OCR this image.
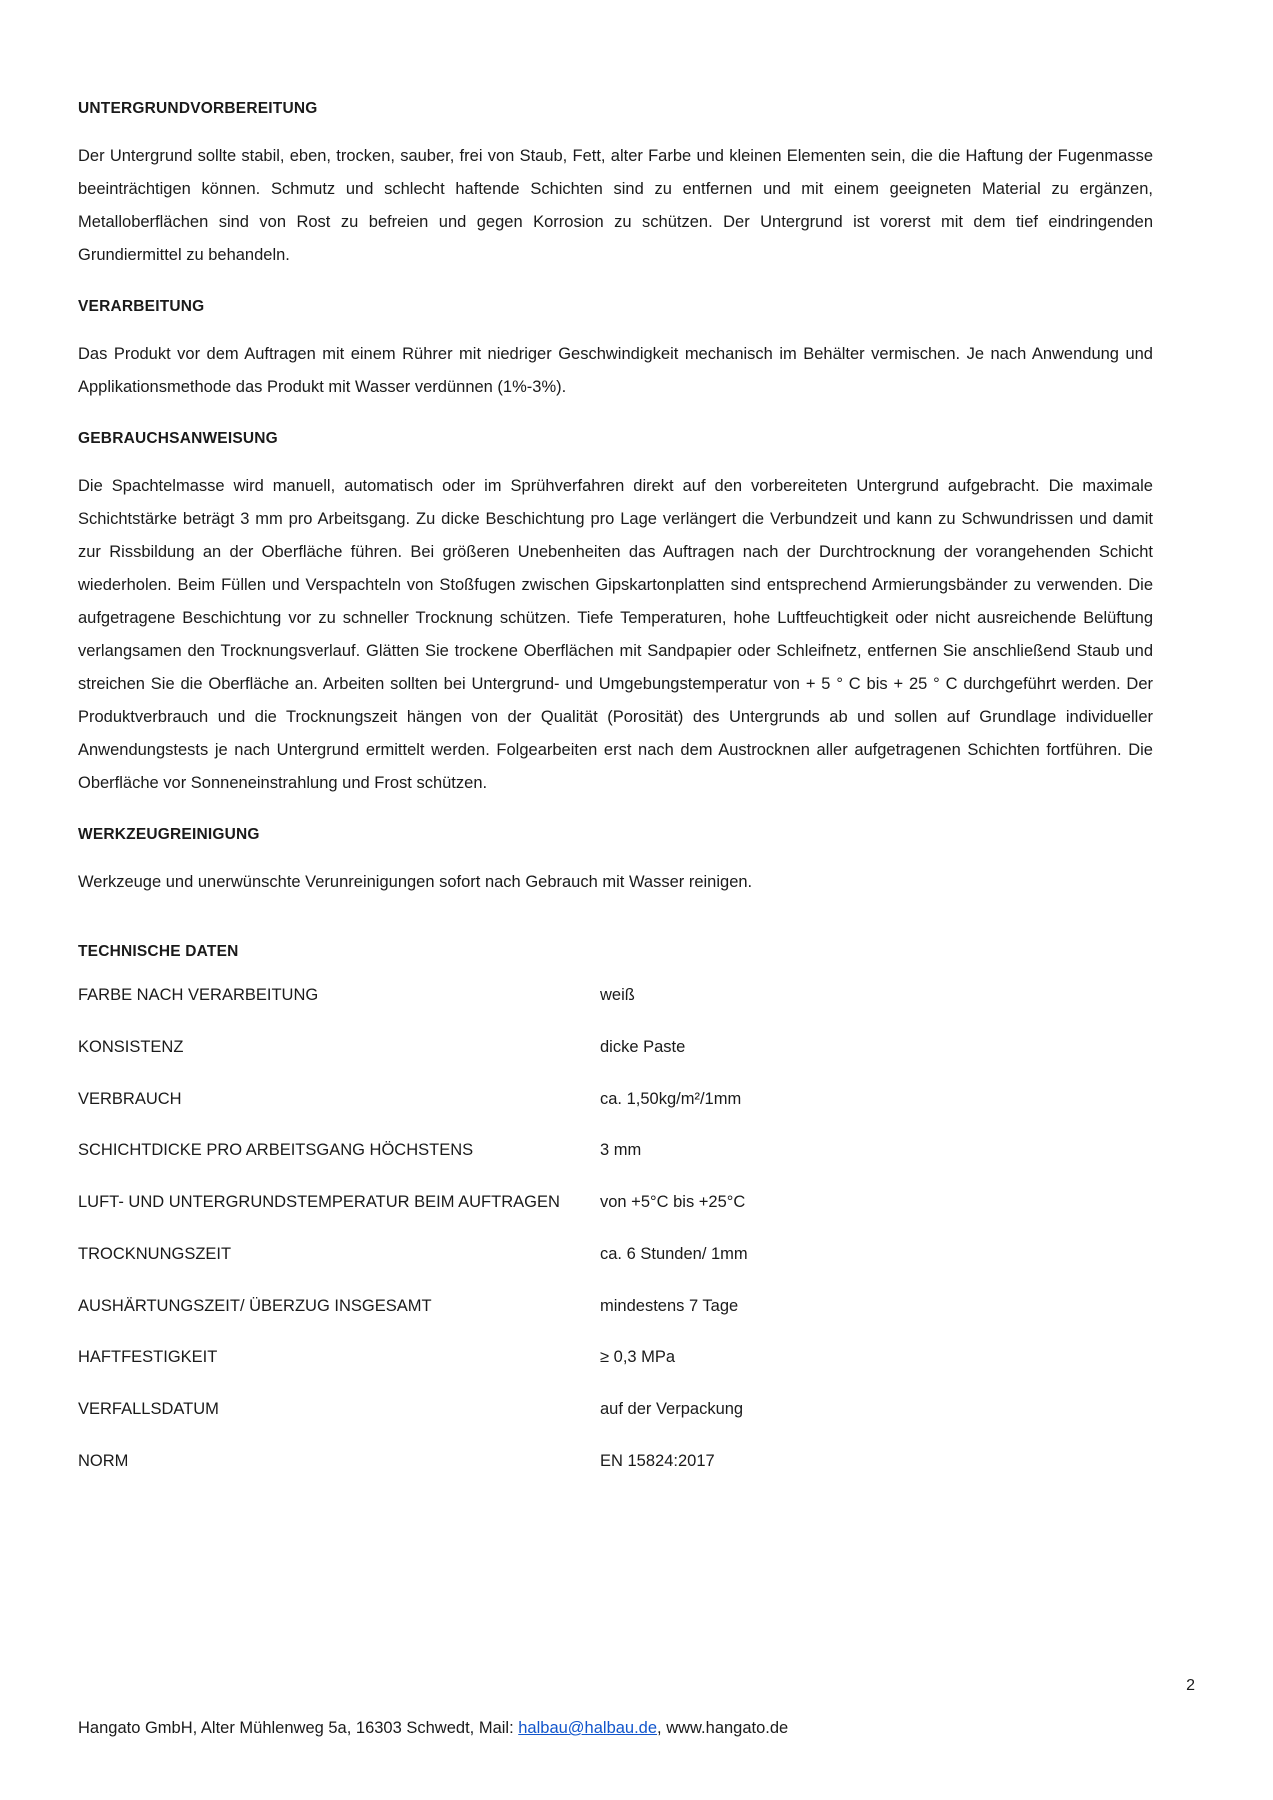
UNTERGRUNDVORBEREITUNG

Der Untergrund sollte stabil, eben, trocken, sauber, frei von Staub, Fett, alter Farbe und kleinen Elementen sein, die die Haftung der Fugenmasse beeinträchtigen können. Schmutz und schlecht haftende Schichten sind zu entfernen und mit einem geeigneten Material zu ergänzen, Metalloberflächen sind von Rost zu befreien und gegen Korrosion zu schützen. Der Untergrund ist vorerst mit dem tief eindringenden Grundiermittel zu behandeln.

VERARBEITUNG

Das Produkt vor dem Auftragen mit einem Rührer mit niedriger Geschwindigkeit mechanisch im Behälter vermischen. Je nach Anwendung und Applikationsmethode das Produkt mit Wasser verdünnen (1%-3%).

GEBRAUCHSANWEISUNG

Die Spachtelmasse wird manuell, automatisch oder im Sprühverfahren direkt auf den vorbereiteten Untergrund aufgebracht. Die maximale Schichtstärke beträgt 3 mm pro Arbeitsgang. Zu dicke Beschichtung pro Lage verlängert die Verbundzeit und kann zu Schwundrissen und damit zur Rissbildung an der Oberfläche führen. Bei größeren Unebenheiten das Auftragen nach der Durchtrocknung der vorangehenden Schicht wiederholen. Beim Füllen und Verspachteln von Stoßfugen zwischen Gipskartonplatten sind entsprechend Armierungsbänder zu verwenden. Die aufgetragene Beschichtung vor zu schneller Trocknung schützen. Tiefe Temperaturen, hohe Luftfeuchtigkeit oder nicht ausreichende Belüftung verlangsamen den Trocknungsverlauf. Glätten Sie trockene Oberflächen mit Sandpapier oder Schleifnetz, entfernen Sie anschließend Staub und streichen Sie die Oberfläche an. Arbeiten sollten bei Untergrund- und Umgebungstemperatur von + 5 ° C bis + 25 ° C durchgeführt werden. Der Produktverbrauch und die Trocknungszeit hängen von der Qualität (Porosität) des Untergrunds ab und sollen auf Grundlage individueller Anwendungstests je nach Untergrund ermittelt werden. Folgearbeiten erst nach dem Austrocknen aller aufgetragenen Schichten fortführen. Die Oberfläche vor Sonneneinstrahlung und Frost schützen.

WERKZEUGREINIGUNG

Werkzeuge und unerwünschte Verunreinigungen sofort nach Gebrauch mit Wasser reinigen.

TECHNISCHE DATEN
FARBE NACH VERARBEITUNG	weiß
KONSISTENZ	dicke Paste
VERBRAUCH	ca. 1,50kg/m²/1mm
SCHICHTDICKE PRO ARBEITSGANG HÖCHSTENS	3 mm
LUFT- UND UNTERGRUNDSTEMPERATUR BEIM AUFTRAGEN	von +5°C bis +25°C
TROCKNUNGSZEIT	ca. 6 Stunden/ 1mm
AUSHÄRTUNGSZEIT/ ÜBERZUG INSGESAMT	mindestens 7 Tage
HAFTFESTIGKEIT	≥ 0,3 MPa
VERFALLSDATUM	auf der Verpackung
NORM	EN 15824:2017
2
Hangato GmbH, Alter Mühlenweg 5a, 16303 Schwedt, Mail: halbau@halbau.de, www.hangato.de
